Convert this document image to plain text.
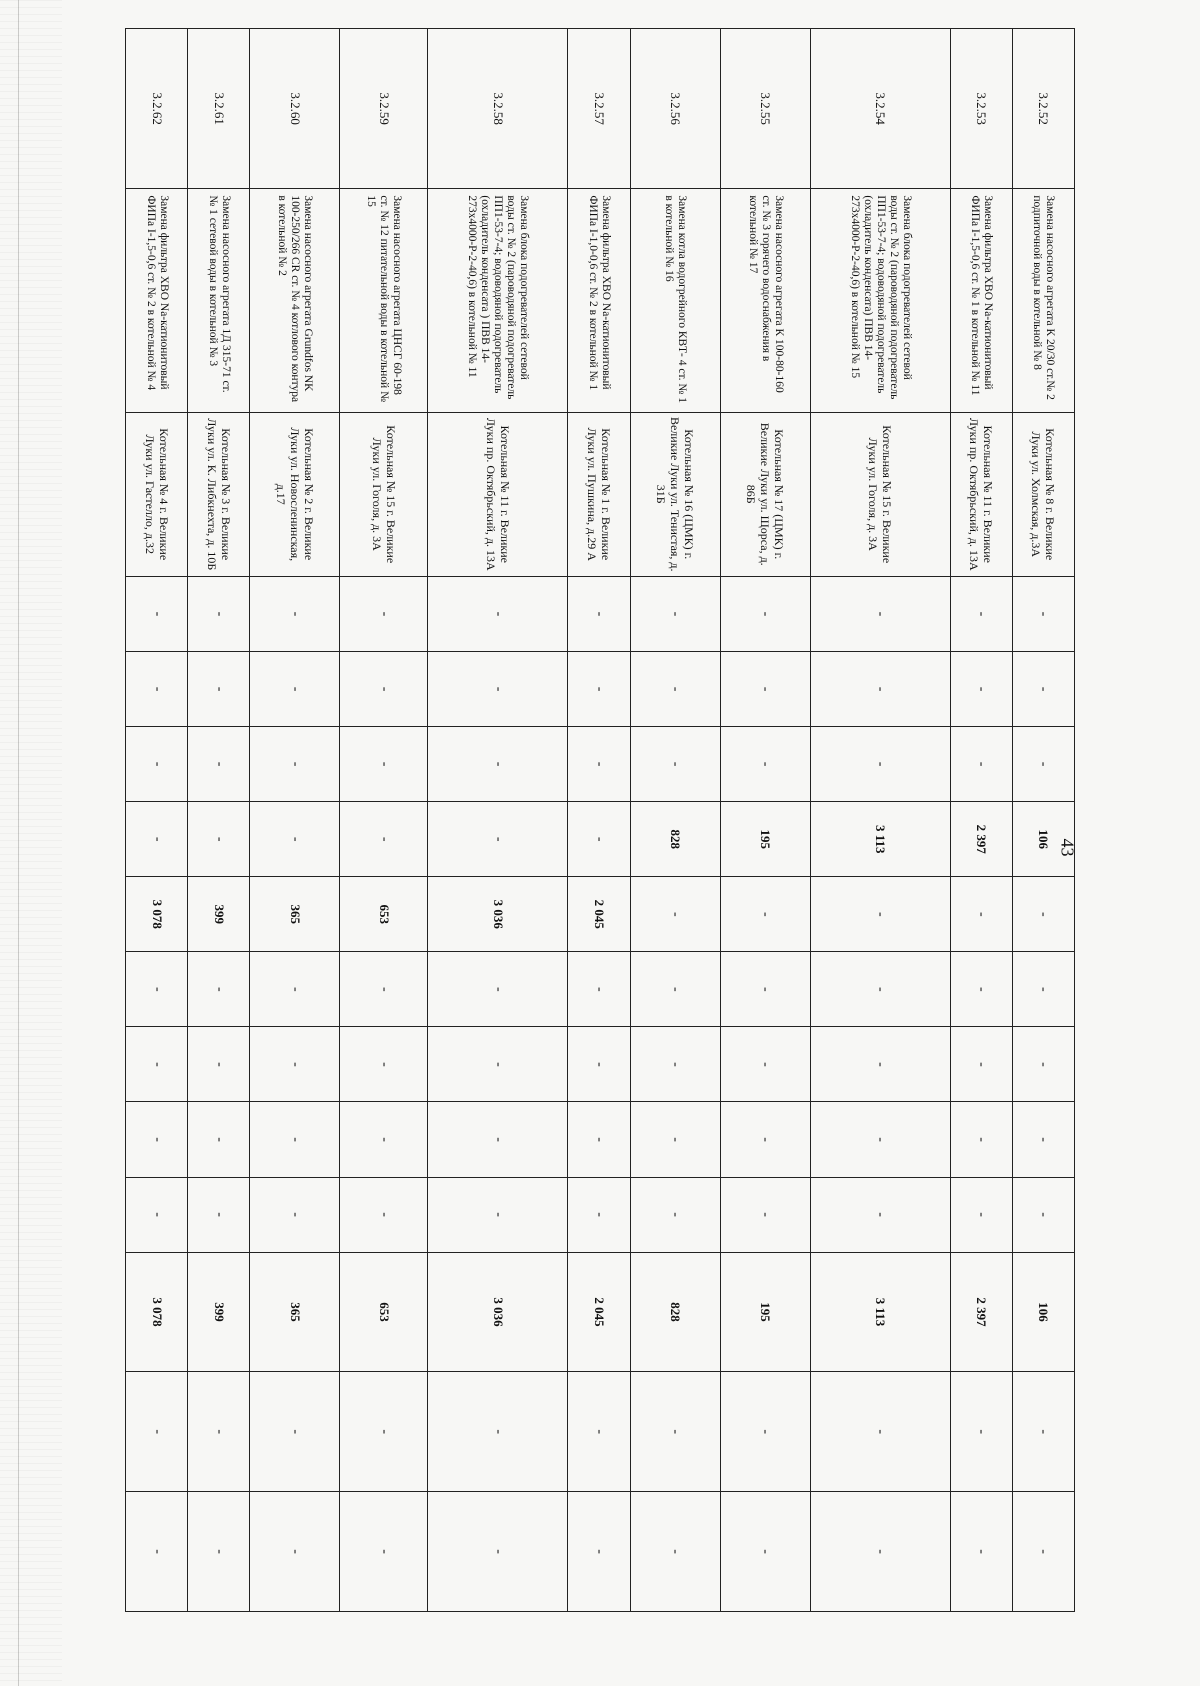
43
3.2.52	Замена насосного агрегата К 20/30 ст.№ 2 подпиточной воды в котельной № 8	Котельная № 8 г. Великие Луки ул. Холмская, д.3А	-	-	-	106	-	-	-	-	-	106	-	-
3.2.53	Замена фильтра ХВО Na-катионитовый ФИПа I-1,5-0,6 ст. № 1 в котельной № 11	Котельная № 11 г. Великие Луки пр. Октябрьский, д. 13А	-	-	-	2 397	-	-	-	-	-	2 397	-	-
3.2.54	Замена блока подогревателей сетевой воды ст. № 2 (пароводяной подогреватель ПП1-53-7-4; водоводяной подогреватель (охладитель конденсата) ПВВ 14-273х4000-Р-2-40,6) в котельной № 15	Котельная № 15 г. Великие Луки ул. Гоголя, д. 3А	-	-	-	3 113	-	-	-	-	-	3 113	-	-
3.2.55	Замена насосного агрегата К 100-80-160 ст. № 3 горячего водоснабжения в котельной № 17	Котельная № 17 (ЦМК) г. Великие Луки ул. Щорса, д. 86Б	-	-	-	195	-	-	-	-	-	195	-	-
3.2.56	Замена котла водогрейного КВТ- 4 ст. № 1 в котельной № 16	Котельная № 16 (ЦМК) г. Великие Луки ул. Тенистая, д. 31Б	-	-	-	828	-	-	-	-	-	828	-	-
3.2.57	Замена фильтра ХВО Na-катионитовый ФИПа I-1,0-0,6 ст. № 2 в котельной № 1	Котельная № 1 г. Великие Луки ул. Пушкина, д.29 А	-	-	-	-	2 045	-	-	-	-	2 045	-	-
3.2.58	Замена блока подогревателей сетевой воды ст. № 2 (пароводяной подогреватель ПП1-53-7-4; водоводяной подогреватель (охладитель конденсата ) ПВВ 14-273х4000-Р-2-40,6) в котельной № 11	Котельная № 11 г. Великие Луки пр. Октябрьский, д. 13А	-	-	-	-	3 036	-	-	-	-	3 036	-	-
3.2.59	Замена насосного агрегата ЦНСГ 60-198 ст. № 12 питательной воды в котельной № 15	Котельная № 15 г. Великие Луки ул. Гоголя, д. 3А	-	-	-	-	653	-	-	-	-	653	-	-
3.2.60	Замена насосного агрегата Grundfos NK 100-250/266 CR ст. № 4 котлового контура в котельной № 2	Котельная № 2 г. Великие Луки ул. Новосленинская, д.17	-	-	-	-	365	-	-	-	-	365	-	-
3.2.61	Замена насосного агрегата 1Д 315-71 ст. № 1 сетевой воды в котельной № 3	Котельная № 3 г. Великие Луки ул. К. Либкнехта, д. 10Б	-	-	-	-	399	-	-	-	-	399	-	-
3.2.62	Замена фильтра ХВО Na-катионитовый ФИПа I-1,5-0,6 ст. № 2 в котельной № 4	Котельная № 4 г. Великие Луки ул. Гастелло, д.32	-	-	-	-	3 078	-	-	-	-	3 078	-	-
